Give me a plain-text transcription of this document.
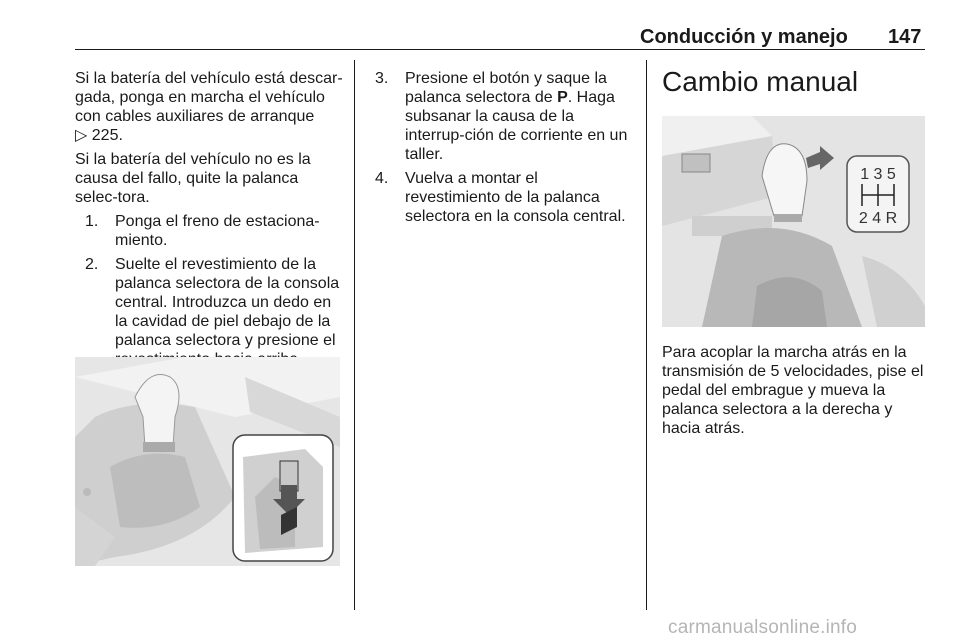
Conducción y manejo 147

Si la batería del vehículo está descar-gada, ponga en marcha el vehículo con cables auxiliares de arranque
▷ 225.

Si la batería del vehículo no es la causa del fallo, quite la palanca selec-tora.

1. Ponga el freno de estaciona-miento.
2. Suelte el revestimiento de la palanca selectora de la consola central. Introduzca un dedo en la cavidad de piel debajo de la palanca selectora y presione el
3. Presione el botón y saque la palanca selectora de P. Haga subsanar la causa de la interrup-ción de corriente en un taller.
4. Vuelva a montar el revestimiento de la palanca selectora en la consola central.
Cambio manual
1 3 5
2 4 R

Para acoplar la marcha atrás en la transmisión de 5 velocidades, pise el pedal del embrague y mueva la palanca selectora a la derecha y hacia atrás.

carmanualsonline.info
